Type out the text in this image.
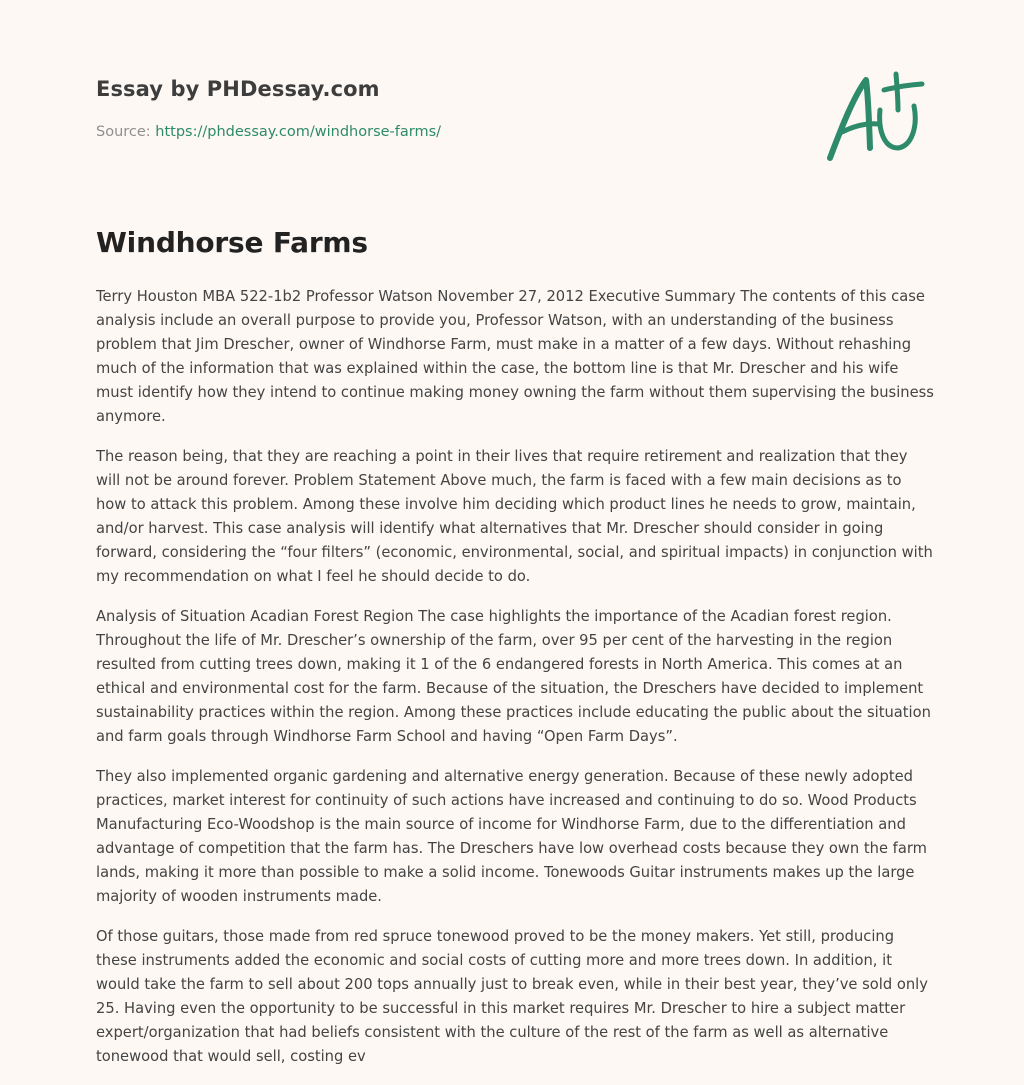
Essay by PHDessay.com
Source: https://phdessay.com/windhorse-farms/
Windhorse Farms

Terry Houston MBA 522-1b2 Professor Watson November 27, 2012 Executive Summary The contents of this case analysis include an overall purpose to provide you, Professor Watson, with an understanding of the business problem that Jim Drescher, owner of Windhorse Farm, must make in a matter of a few days. Without rehashing much of the information that was explained within the case, the bottom line is that Mr. Drescher and his wife must identify how they intend to continue making money owning the farm without them supervising the business anymore.

The reason being, that they are reaching a point in their lives that require retirement and realization that they will not be around forever. Problem Statement Above much, the farm is faced with a few main decisions as to how to attack this problem. Among these involve him deciding which product lines he needs to grow, maintain, and/or harvest. This case analysis will identify what alternatives that Mr. Drescher should consider in going forward, considering the “four filters” (economic, environmental, social, and spiritual impacts) in conjunction with my recommendation on what I feel he should decide to do.

Analysis of Situation Acadian Forest Region The case highlights the importance of the Acadian forest region. Throughout the life of Mr. Drescher’s ownership of the farm, over 95 per cent of the harvesting in the region resulted from cutting trees down, making it 1 of the 6 endangered forests in North America. This comes at an ethical and environmental cost for the farm. Because of the situation, the Dreschers have decided to implement sustainability practices within the region. Among these practices include educating the public about the situation and farm goals through Windhorse Farm School and having “Open Farm Days”.

They also implemented organic gardening and alternative energy generation. Because of these newly adopted practices, market interest for continuity of such actions have increased and continuing to do so. Wood Products Manufacturing Eco-Woodshop is the main source of income for Windhorse Farm, due to the differentiation and advantage of competition that the farm has. The Dreschers have low overhead costs because they own the farm lands, making it more than possible to make a solid income. Tonewoods Guitar instruments makes up the large majority of wooden instruments made.

Of those guitars, those made from red spruce tonewood proved to be the money makers. Yet still, producing these instruments added the economic and social costs of cutting more and more trees down. In addition, it would take the farm to sell about 200 tops annually just to break even, while in their best year, they’ve sold only 25. Having even the opportunity to be successful in this market requires Mr. Drescher to hire a subject matter expert/organization that had beliefs consistent with the culture of the rest of the farm as well as alternative tonewood that would sell, costing ev
